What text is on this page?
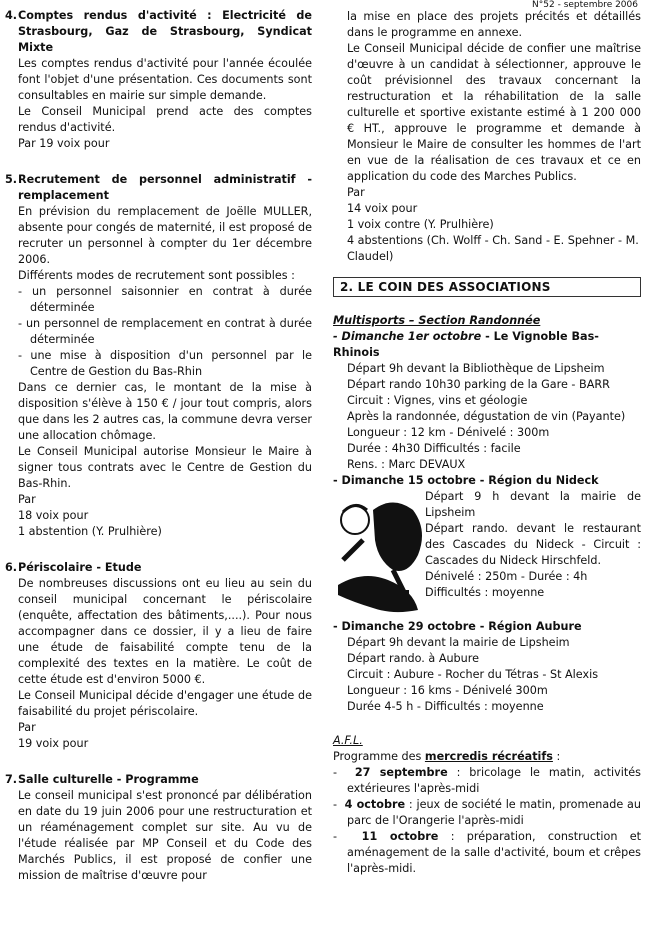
N°52 - septembre 2006
4. Comptes rendus d'activité : Electricité de Strasbourg, Gaz de Strasbourg, Syndicat Mixte

Les comptes rendus d'activité pour l'année écoulée font l'objet d'une présentation. Ces documents sont consultables en mairie sur simple demande.

Le Conseil Municipal prend acte des comptes rendus d'activité.

Par 19 voix pour

5. Recrutement de personnel administratif - remplacement

En prévision du remplacement de Joëlle MULLER, absente pour congés de maternité, il est proposé de recruter un personnel à compter du 1er décembre 2006.

Différents modes de recrutement sont possibles :

- un personnel saisonnier en contrat à durée déterminée

- un personnel de remplacement en contrat à durée déterminée

- une mise à disposition d'un personnel par le Centre de Gestion du Bas-Rhin

Dans ce dernier cas, le montant de la mise à disposition s'élève à 150 € / jour tout compris, alors que dans les 2 autres cas, la commune devra verser une allocation chômage.

Le Conseil Municipal autorise Monsieur le Maire à signer tous contrats avec le Centre de Gestion du Bas-Rhin.

Par

18 voix pour

1 abstention (Y. Prulhière)

6. Périscolaire - Etude

De nombreuses discussions ont eu lieu au sein du conseil municipal concernant le périscolaire (enquête, affectation des bâtiments,....). Pour nous accompagner dans ce dossier, il y a lieu de faire une étude de faisabilité compte tenu de la complexité des textes en la matière. Le coût de cette étude est d'environ 5000 €.

Le Conseil Municipal décide d'engager une étude de faisabilité du projet périscolaire.

Par

19 voix pour

7. Salle culturelle - Programme

Le conseil municipal s'est prononcé par délibération en date du 19 juin 2006 pour une restructuration et un réaménagement complet sur site. Au vu de l'étude réalisée par MP Conseil et du Code des Marchés Publics, il est proposé de confier une mission de maîtrise d'œuvre pour

la mise en place des projets précités et détaillés dans le programme en annexe.

Le Conseil Municipal décide de confier une maîtrise d'œuvre à un candidat à sélectionner, approuve le coût prévisionnel des travaux concernant la restructuration et la réhabilitation de la salle culturelle et sportive existante estimé à 1 200 000 € HT., approuve le programme et demande à Monsieur le Maire de consulter les hommes de l'art en vue de la réalisation de ces travaux et ce en application du code des Marches Publics.

Par

14 voix pour

1 voix contre (Y. Prulhière)

4 abstentions (Ch. Wolff - Ch. Sand - E. Spehner - M. Claudel)

2. LE COIN DES ASSOCIATIONS
Multisports – Section Randonnée
- Dimanche 1er octobre - Le Vignoble Bas-Rhinois

Départ 9h devant la Bibliothèque de Lipsheim

Départ rando 10h30 parking de la Gare - BARR

Circuit : Vignes, vins et géologie

Après la randonnée, dégustation de vin (Payante)

Longueur : 12 km - Dénivelé : 300m

Durée : 4h30 Difficultés : facile

Rens. : Marc DEVAUX

- Dimanche 15 octobre - Région du Nideck

Départ 9 h devant la mairie de Lipsheim

Départ rando. devant le restaurant des Cascades du Nideck - Circuit : Cascades du Nideck Hirschfeld.

Dénivelé : 250m - Durée : 4h

Difficultés : moyenne

- Dimanche 29 octobre - Région Aubure

Départ 9h devant la mairie de Lipsheim

Départ rando. à Aubure

Circuit : Aubure - Rocher du Tétras - St Alexis

Longueur : 16 kms - Dénivelé 300m

Durée 4-5 h - Difficultés : moyenne

A.F.L.

Programme des mercredis récréatifs :

-  27 septembre : bricolage le matin, activités extérieures l'après-midi

-  4 octobre : jeux de société le matin, promenade au parc de l'Orangerie l'après-midi

-  11 octobre : préparation, construction et aménagement de la salle d'activité, boum et crêpes l'après-midi.
